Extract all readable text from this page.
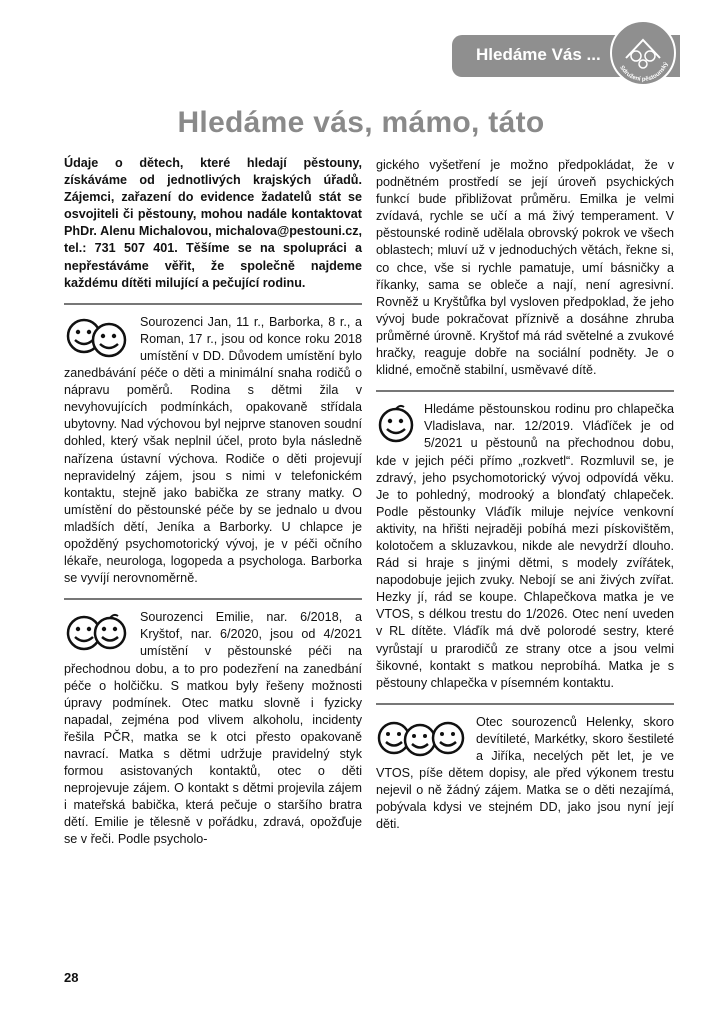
Hledáme Vás ...
Sdružení pěstounský
Hledáme vás, mámo, táto

Údaje o dětech, které hledají pěstouny, získáváme od jednotlivých krajských úřadů. Zájemci, zařazení do evidence žadatelů stát se osvojiteli či pěstouny, mohou nadále kontaktovat PhDr. Alenu Michalovou, michalova@pestouni.cz, tel.: 731 507 401. Těšíme se na spolupráci a nepřestáváme věřit, že společně najdeme každému dítěti milující a pečující rodinu.

Sourozenci Jan, 11 r., Barborka, 8 r., a Roman, 17 r., jsou od konce roku 2018 umístění v DD. Důvodem umístění bylo zanedbávání péče o děti a minimální snaha rodičů o nápravu poměrů. Rodina s dětmi žila v nevyhovujících podmínkách, opakovaně střídala ubytovny. Nad výchovou byl nejprve stanoven soudní dohled, který však neplnil účel, proto byla následně nařízena ústavní výchova. Rodiče o děti projevují nepravidelný zájem, jsou s nimi v telefonickém kontaktu, stejně jako babička ze strany matky. O umístění do pěstounské péče by se jednalo u dvou mladších dětí, Jeníka a Barborky. U chlapce je opožděný psychomotorický vývoj, je v péči očního lékaře, neurologa, logopeda a psychologa. Barborka se vyvíjí nerovnoměrně.

Sourozenci Emilie, nar. 6/2018, a Kryštof, nar. 6/2020, jsou od 4/2021 umístění v pěstounské péči na přechodnou dobu, a to pro podezření na zanedbání péče o holčičku. S matkou byly řešeny možnosti úpravy podmínek. Otec matku slovně i fyzicky napadal, zejména pod vlivem alkoholu, incidenty řešila PČR, matka se k otci přesto opakovaně navrací. Matka s dětmi udržuje pravidelný styk formou asistovaných kontaktů, otec o děti neprojevuje zájem. O kontakt s dětmi projevila zájem i mateřská babička, která pečuje o staršího bratra dětí. Emilie je tělesně v pořádku, zdravá, opožďuje se v řeči. Podle psycholo-

gického vyšetření je možno předpokládat, že v podnětném prostředí se její úroveň psychických funkcí bude přibližovat průměru. Emilka je velmi zvídavá, rychle se učí a má živý temperament. V pěstounské rodině udělala obrovský pokrok ve všech oblastech; mluví už v jednoduchých větách, řekne si, co chce, vše si rychle pamatuje, umí básničky a říkanky, sama se obleče a nají, není agresivní. Rovněž u Kryštůfka byl vysloven předpoklad, že jeho vývoj bude pokračovat příznivě a dosáhne zhruba průměrné úrovně. Kryštof má rád světelné a zvukové hračky, reaguje dobře na sociální podněty. Je o klidné, emočně stabilní, usměvavé dítě.

Hledáme pěstounskou rodinu pro chlapečka Vladislava, nar. 12/2019. Vláďíček je od 5/2021 u pěstounů na přechodnou dobu, kde v jejich péči přímo „rozkvetl“. Rozmluvil se, je zdravý, jeho psychomotorický vývoj odpovídá věku. Je to pohledný, modrooký a blonďatý chlapeček. Podle pěstounky Vláďík miluje nejvíce venkovní aktivity, na hřišti nejraději pobíhá mezi pískovištěm, kolotočem a skluzavkou, nikde ale nevydrží dlouho. Rád si hraje s jinými dětmi, s modely zvířátek, napodobuje jejich zvuky. Nebojí se ani živých zvířat. Hezky jí, rád se koupe. Chlapečkova matka je ve VTOS, s délkou trestu do 1/2026. Otec není uveden v RL dítěte. Vláďík má dvě polorodé sestry, které vyrůstají u prarodičů ze strany otce a jsou velmi šikovné, kontakt s matkou neprobíhá. Matka je s pěstouny chlapečka v písemném kontaktu.

Otec sourozenců Helenky, skoro devítileté, Markétky, skoro šestileté a Jiříka, necelých pět let, je ve VTOS, píše dětem dopisy, ale před výkonem trestu nejevil o ně žádný zájem. Matka se o děti nezajímá, pobývala kdysi ve stejném DD, jako jsou nyní její děti.

28
